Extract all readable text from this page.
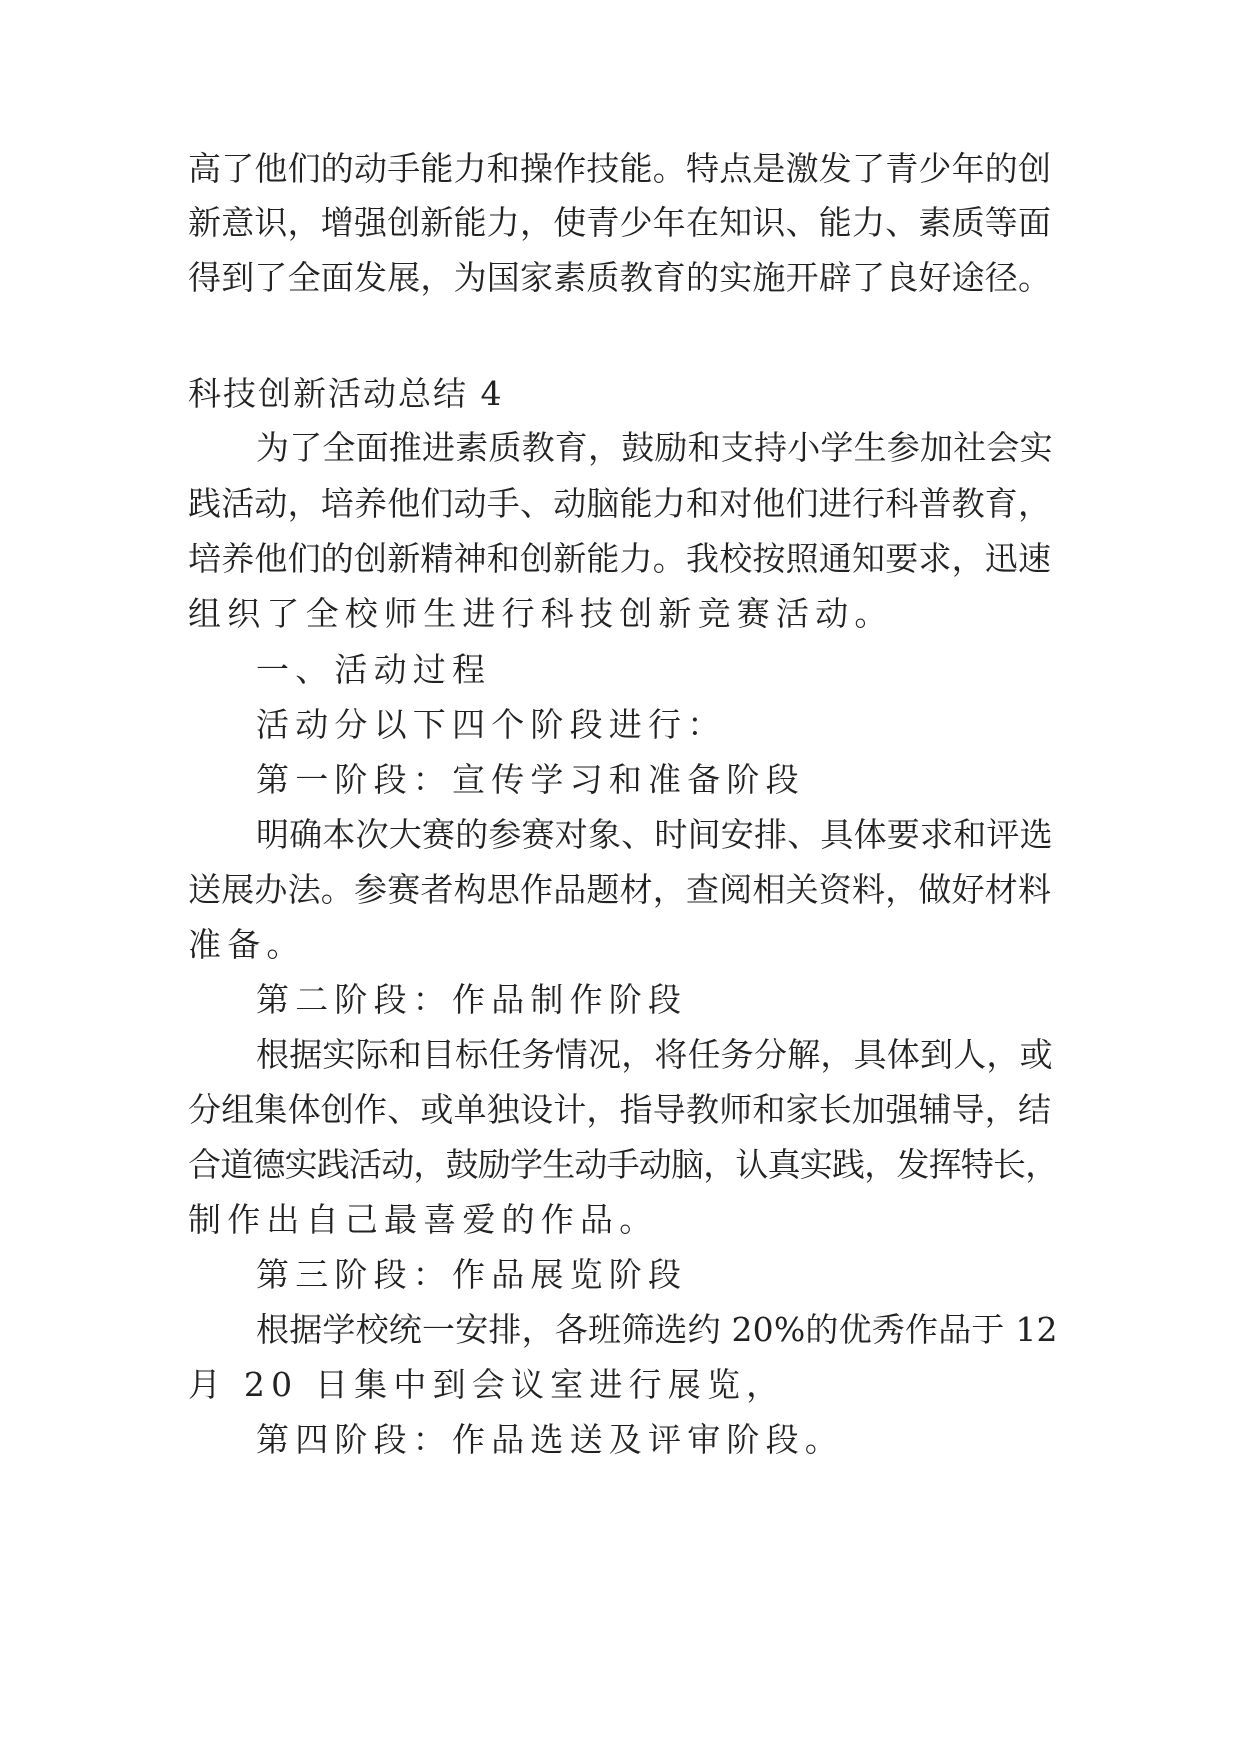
高了他们的动手能力和操作技能。特点是激发了青少年的创
新意识，增强创新能力，使青少年在知识、能力、素质等面
得到了全面发展，为国家素质教育的实施开辟了良好途径。
科技创新活动总结 4
为了全面推进素质教育，鼓励和支持小学生参加社会实
践活动，培养他们动手、动脑能力和对他们进行科普教育，
培养他们的创新精神和创新能力。我校按照通知要求，迅速
组织了全校师生进行科技创新竞赛活动。
一、活动过程
活动分以下四个阶段进行：
第一阶段：宣传学习和准备阶段
明确本次大赛的参赛对象、时间安排、具体要求和评选
送展办法。参赛者构思作品题材，查阅相关资料，做好材料
准备。
第二阶段：作品制作阶段
根据实际和目标任务情况，将任务分解，具体到人，或
分组集体创作、或单独设计，指导教师和家长加强辅导，结
合道德实践活动，鼓励学生动手动脑，认真实践，发挥特长，
制作出自己最喜爱的作品。
第三阶段：作品展览阶段
根据学校统一安排，各班筛选约 20%的优秀作品于 12
月 20 日集中到会议室进行展览，
第四阶段：作品选送及评审阶段。
